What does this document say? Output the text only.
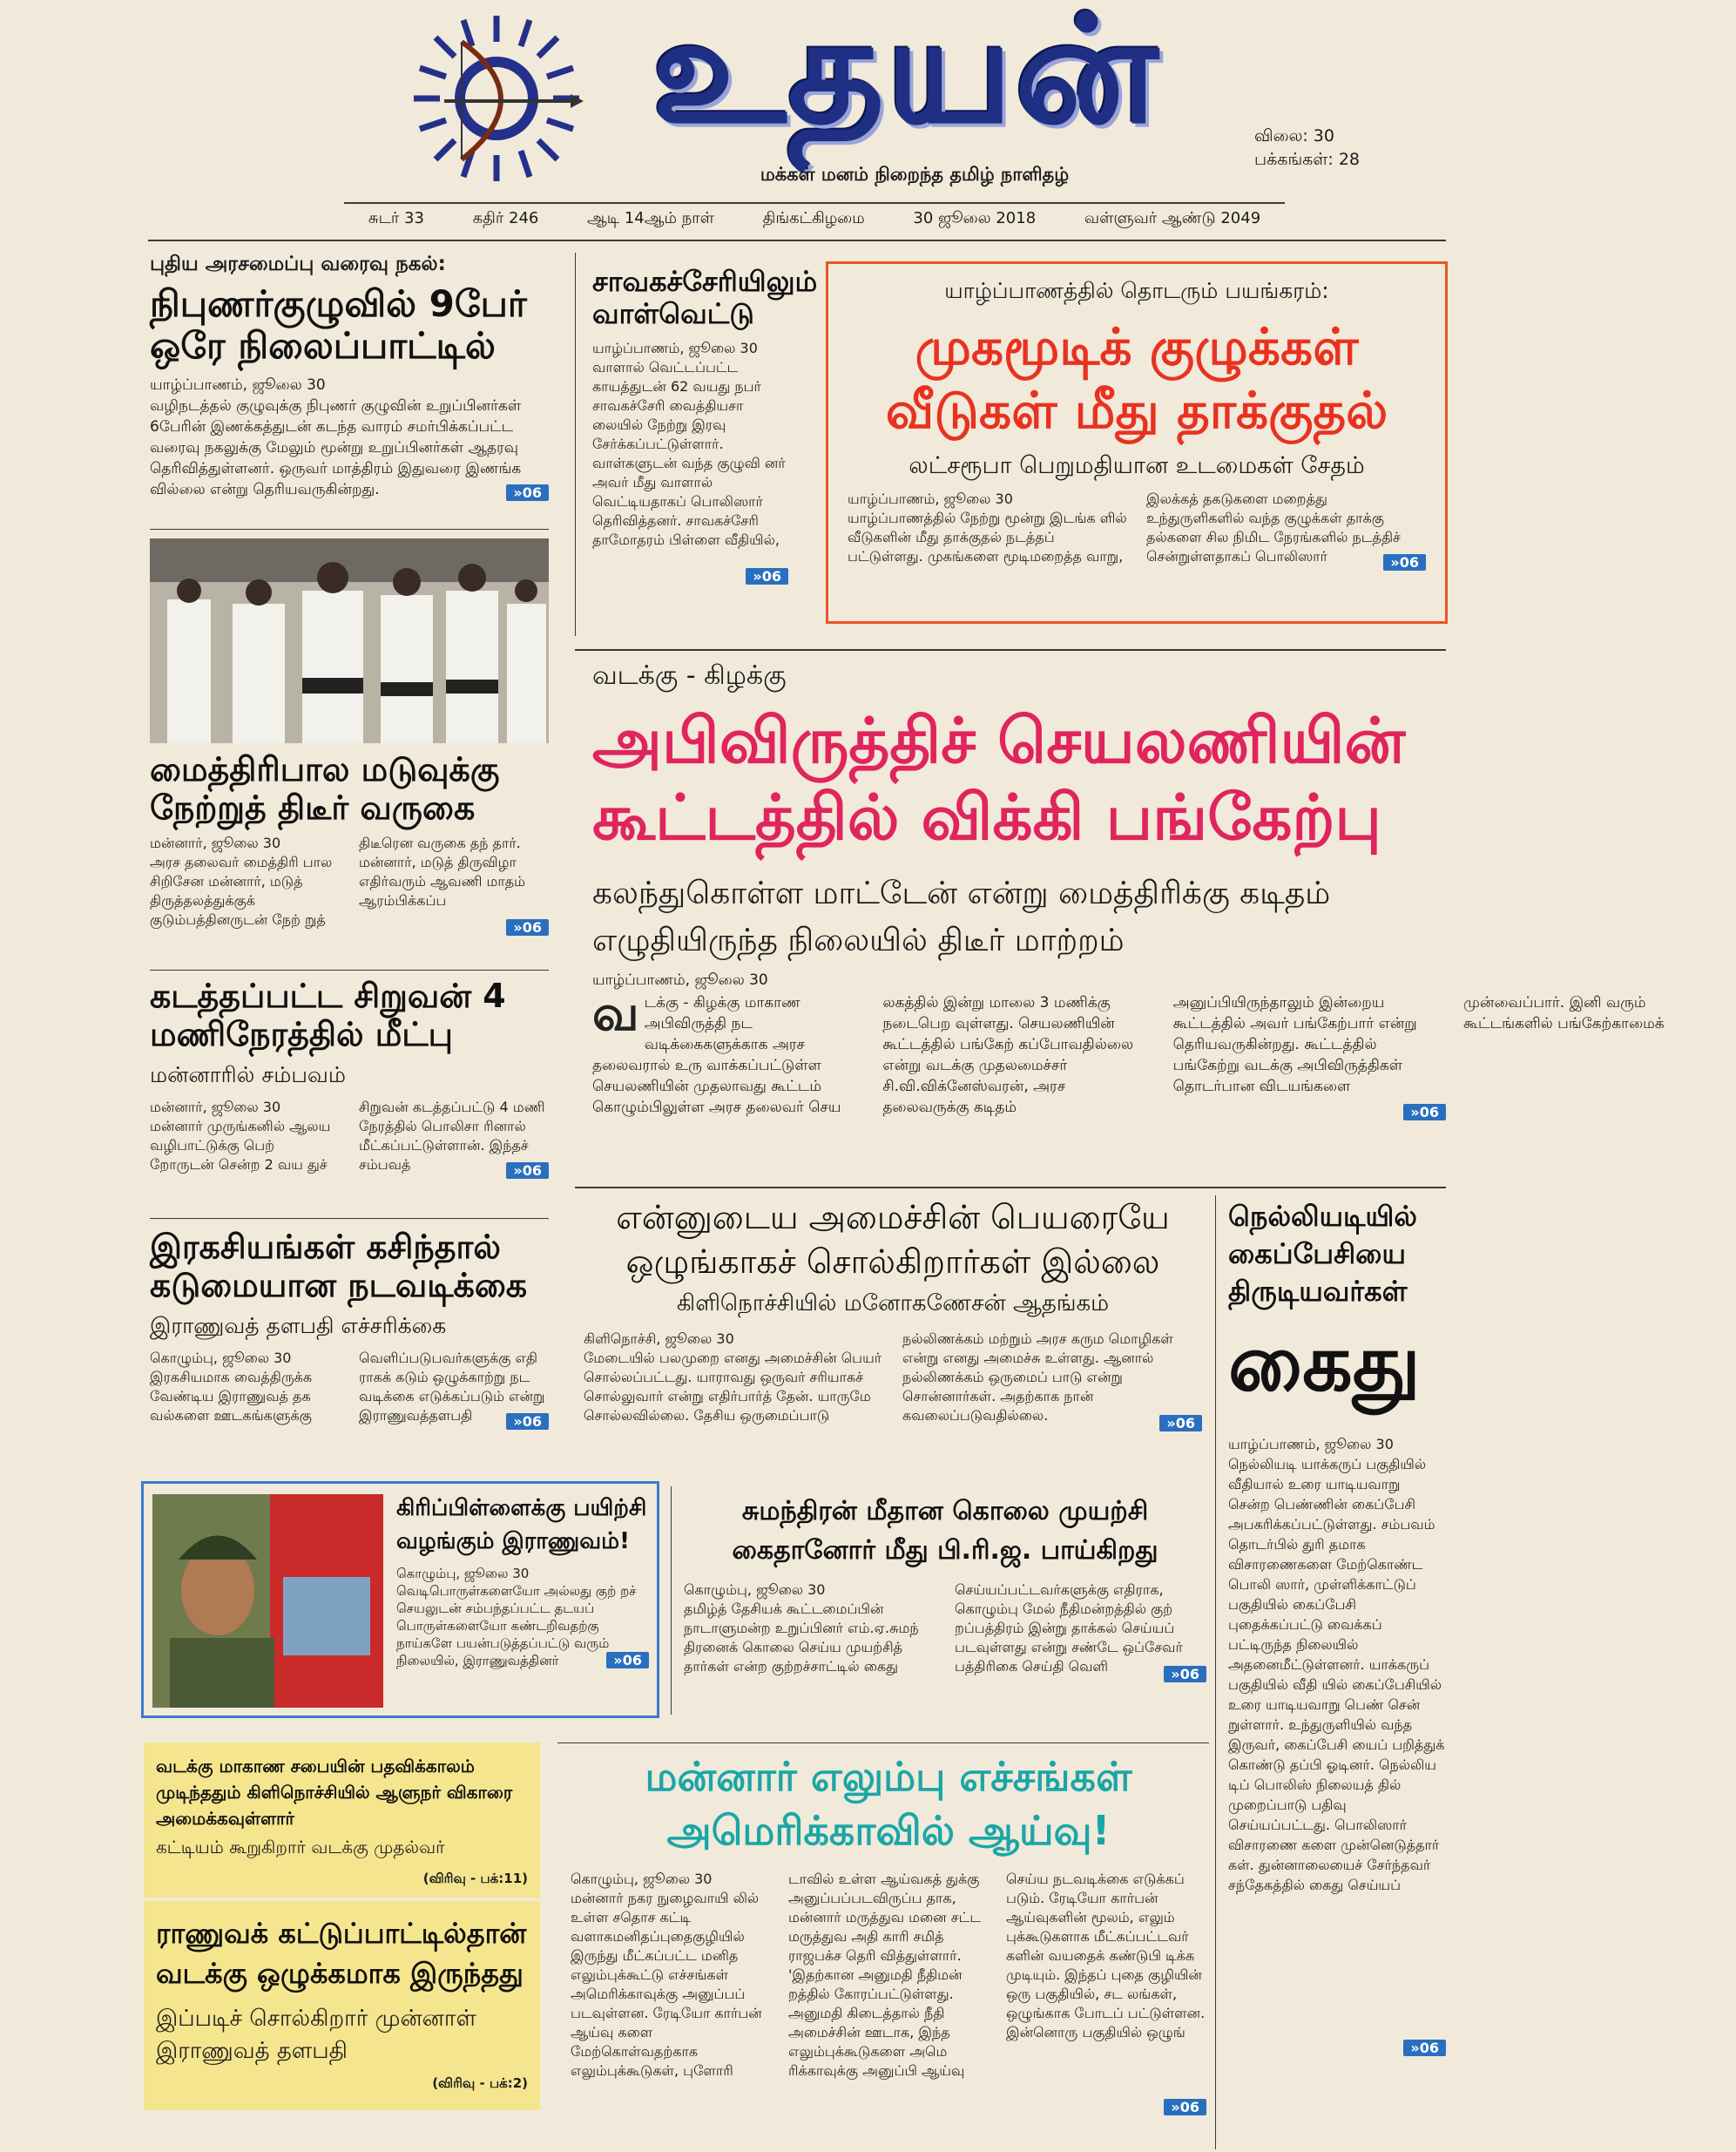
உதயன்
மக்கள் மனம் நிறைந்த தமிழ் நாளிதழ்
விலை: 30
பக்கங்கள்: 28
சுடர் 33	கதிர் 246	ஆடி 14ஆம் நாள்	திங்கட்கிழமை	30 ஜூலை 2018	வள்ளுவர் ஆண்டு 2049
புதிய அரசமைப்பு வரைவு நகல்:
நிபுணர்குழுவில் 9பேர் ஒரே நிலைப்பாட்டில்
யாழ்ப்பாணம், ஜூலை 30
வழிநடத்தல் குழுவுக்கு நிபுணர் குழுவின் உறுப்பினர்கள் 6பேரின் இணக்கத்துடன் கடந்த வாரம் சமர்பிக்கப்பட்ட வரைவு நகலுக்கு மேலும் மூன்று உறுப்பினர்கள் ஆதரவு தெரிவித்துள்ளனர். ஒருவர் மாத்திரம் இதுவரை இணங்க வில்லை என்று தெரியவருகின்றது.	»06
மைத்திரிபால மடுவுக்கு நேற்றுத் திடீர் வருகை
மன்னார், ஜூலை 30
அரச தலைவர் மைத்திரி பால சிறிசேன மன்னார், மடுத் திருத்தலத்துக்குக் குடும்பத்தினருடன் நேற் றுத் திடீரென வருகை தந் தார். மன்னார், மடுத் திருவிழா எதிர்வரும் ஆவணி மாதம் ஆரம்பிக்கப்ப
»06
கடத்தப்பட்ட சிறுவன் 4 மணிநேரத்தில் மீட்பு
மன்னாரில் சம்பவம்
மன்னார், ஜூலை 30
மன்னார் முருங்கனில் ஆலய வழிபாட்டுக்கு பெற் றோருடன் சென்ற 2 வய துச் சிறுவன் கடத்தப்பட்டு 4 மணி நேரத்தில் பொலிசா ரினால் மீட்கப்பட்டுள்ளான். இந்தச் சம்பவத்	»06
இரகசியங்கள் கசிந்தால் கடுமையான நடவடிக்கை
இராணுவத் தளபதி எச்சரிக்கை
கொழும்பு, ஜூலை 30
இரகசியமாக வைத்திருக்க வேண்டிய இராணுவத் தக வல்களை ஊடகங்களுக்கு வெளிப்படுபவர்களுக்கு எதி ராகக் கடும் ஒழுக்காற்று நட வடிக்கை எடுக்கப்படும் என்று இராணுவத்தளபதி	»06
சாவகச்சேரியிலும் வாள்வெட்டு
யாழ்ப்பாணம், ஜூலை 30
வாளால் வெட்டப்பட்ட காயத்துடன் 62 வயது நபர் சாவகச்சேரி வைத்தியசா லையில் நேற்று இரவு சேர்க்கப்பட்டுள்ளார். வாள்களுடன் வந்த குழுவி னர் அவர் மீது வாளால் வெட்டியதாகப் பொலிஸார் தெரிவித்தனர். சாவகச்சேரி தாமோதரம் பிள்ளை வீதியில்,
»06
யாழ்ப்பாணத்தில் தொடரும் பயங்கரம்:
முகமூடிக் குழுக்கள் வீடுகள் மீது தாக்குதல்
லட்சரூபா பெறுமதியான உடமைகள் சேதம்
யாழ்ப்பாணம், ஜூலை 30
யாழ்ப்பாணத்தில் நேற்று மூன்று இடங்க ளில் வீடுகளின் மீது தாக்குதல் நடத்தப் பட்டுள்ளது. முகங்களை மூடிமறைத்த வாறு, இலக்கத் தகடுகளை மறைத்து உந்துருளிகளில் வந்த குழுக்கள் தாக்கு தல்களை சில நிமிட நேரங்களில் நடத்திச் சென்றுள்ளதாகப் பொலிஸார்	»06
வடக்கு - கிழக்கு
அபிவிருத்திச் செயலணியின் கூட்டத்தில் விக்கி பங்கேற்பு
கலந்துகொள்ள மாட்டேன் என்று மைத்திரிக்கு கடிதம் எழுதியிருந்த நிலையில் திடீர் மாற்றம்
யாழ்ப்பாணம், ஜூலை 30
வடக்கு - கிழக்கு மாகாண அபிவிருத்தி நட வடிக்கைகளுக்காக அரச தலைவரால் உரு வாக்கப்பட்டுள்ள செயலணியின் முதலாவது கூட்டம் கொழும்பிலுள்ள அரச தலைவர் செய லகத்தில் இன்று மாலை 3 மணிக்கு நடைபெற வுள்ளது. செயலணியின் கூட்டத்தில் பங்கேற் கப்போவதில்லை என்று வடக்கு முதலமைச்சர் சி.வி.விக்னேஸ்வரன், அரச தலைவருக்கு கடிதம் அனுப்பியிருந்தாலும் இன்றைய கூட்டத்தில் அவர் பங்கேற்பார் என்று தெரியவருகின்றது. கூட்டத்தில் பங்கேற்று வடக்கு அபிவிருத்திகள் தொடர்பான விடயங்களை முன்வைப்பார். இனி வரும் கூட்டங்களில் பங்கேற்காமைக்
»06
என்னுடைய அமைச்சின் பெயரையே ஒழுங்காகச் சொல்கிறார்கள் இல்லை
கிளிநொச்சியில் மனோகணேசன் ஆதங்கம்
கிளிநொச்சி, ஜூலை 30
மேடையில் பலமுறை எனது அமைச்சின் பெயர் சொல்லப்பட்டது. யாராவது ஒருவர் சரியாகச் சொல்லுவார் என்று எதிர்பார்த் தேன். யாருமே சொல்லவில்லை. தேசிய ஒருமைப்பாடு நல்லிணக்கம் மற்றும் அரச கரும மொழிகள் என்று எனது அமைச்சு உள்ளது. ஆனால் நல்லிணக்கம் ஒருமைப் பாடு என்று சொன்னார்கள். அதற்காக நான் கவலைப்படுவதில்லை.	»06
நெல்லியடியில்
கைப்பேசியை
திருடியவர்கள்
கைது
யாழ்ப்பாணம், ஜூலை 30
நெல்லியடி யாக்கருப் பகுதியில் வீதியால் உரை யாடியவாறு சென்ற பெண்ணின் கைப்பேசி அபகரிக்கப்பட்டுள்ளது. சம்பவம் தொடர்பில் துரி தமாக விசாரணைகளை மேற்கொண்ட பொலி ஸார், முள்ளிக்காட்டுப் பகுதியில் கைப்பேசி புதைக்கப்பட்டு வைக்கப் பட்டிருந்த நிலையில் அதனைமீட்டுள்ளனர். யாக்கருப் பகுதியில் வீதி யில் கைப்பேசியில் உரை யாடியவாறு பெண் சென் றுள்ளார். உந்துருளியில் வந்த இருவர், கைப்பேசி யைப் பறித்துக் கொண்டு தப்பி ஓடினர். நெல்லிய டிப் பொலிஸ் நிலையத் தில் முறைப்பாடு பதிவு செய்யப்பட்டது. பொலிஸார் விசாரணை களை முன்னெடுத்தார் கள். துன்னாலையைச் சேர்ந்தவர் சந்தேகத்தில் கைது செய்யப்
»06
கிரிப்பிள்ளைக்கு பயிற்சி வழங்கும் இராணுவம்!
கொழும்பு, ஜூலை 30
வெடிபொருள்களையோ அல்லது குற் றச் செயலுடன் சம்பந்தப்பட்ட தடயப் பொருள்களையோ கண்டறிவதற்கு நாய்களே பயன்படுத்தப்பட்டு வரும் நிலையில், இராணுவத்தினர்	»06
சுமந்திரன் மீதான கொலை முயற்சி கைதானோர் மீது பி.ரி.ஜ. பாய்கிறது
கொழும்பு, ஜூலை 30
தமிழ்த் தேசியக் கூட்டமைப்பின் நாடாளுமன்ற உறுப்பினர் எம்.ஏ.சுமந் திரனைக் கொலை செய்ய முயற்சித் தார்கள் என்ற குற்றச்சாட்டில் கைது செய்யப்பட்டவர்களுக்கு எதிராக, கொழும்பு மேல் நீதிமன்றத்தில் குற் றப்பத்திரம் இன்று தாக்கல் செய்யப் படவுள்ளது என்று சண்டே ஒப்சேவர் பத்திரிகை செய்தி வெளி	»06
வடக்கு மாகாண சபையின் பதவிக்காலம் முடிந்ததும் கிளிநொச்சியில் ஆளுநர் விகாரை அமைக்கவுள்ளார்
கட்டியம் கூறுகிறார் வடக்கு முதல்வர்
(விரிவு - பக்:11)
ராணுவக் கட்டுப்பாட்டில்தான் வடக்கு ஒழுக்கமாக இருந்தது
இப்படிச் சொல்கிறார் முன்னாள் இராணுவத் தளபதி
(விரிவு - பக்:2)
மன்னார் எலும்பு எச்சங்கள்
அமெரிக்காவில் ஆய்வு!
கொழும்பு, ஜூலை 30
மன்னார் நகர நுழைவாயி லில் உள்ள சதொச கட்டி வளாகமனிதப்புதைகுழியில் இருந்து மீட்கப்பட்ட மனித எலும்புக்கூட்டு எச்சங்கள் அமெரிக்காவுக்கு அனுப்பப் படவுள்ளன. ரேடியோ கார்பன் ஆய்வு களை மேற்கொள்வதற்காக எலும்புக்கூடுகள், புளோரி டாவில் உள்ள ஆய்வகத் துக்கு அனுப்பப்படவிருப்ப தாக, மன்னார் மருத்துவ மனை சட்ட மருத்துவ அதி காரி சமித் ராஜபக்ச தெரி வித்துள்ளார். 'இதற்கான அனுமதி நீதிமன் றத்தில் கோரப்பட்டுள்ளது. அனுமதி கிடைத்தால் நீதி அமைச்சின் ஊடாக, இந்த எலும்புக்கூடுகளை அமெ ரிக்காவுக்கு அனுப்பி ஆய்வு செய்ய நடவடிக்கை எடுக்கப் படும். ரேடியோ கார்பன் ஆய்வுகளின் மூலம், எலும் புக்கூடுகளாக மீட்கப்பட்டவர் களின் வயதைக் கண்டுபி டிக்க முடியும். இந்தப் புதை குழியின் ஒரு பகுதியில், சட லங்கள், ஒழுங்காக போடப் பட்டுள்ளன. இன்னொரு பகுதியில் ஒழுங்
»06
